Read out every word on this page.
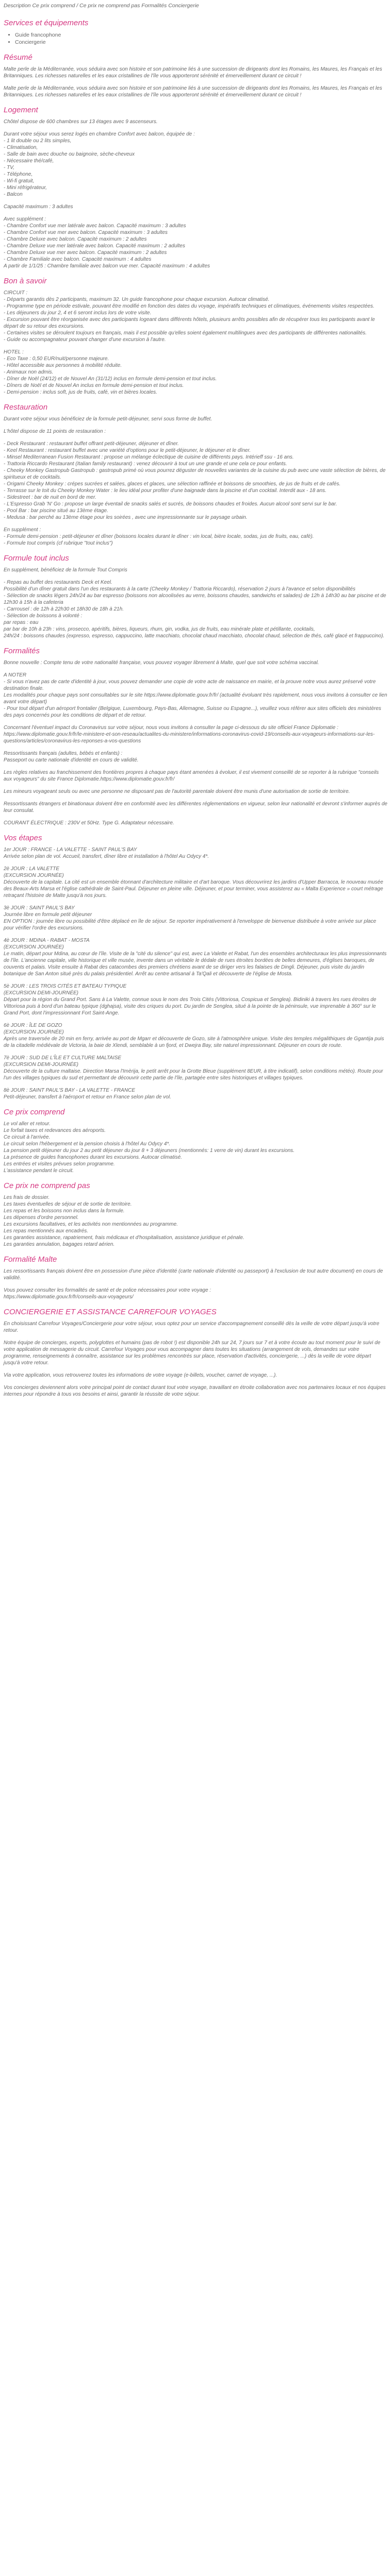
Description Ce prix comprend / Ce prix ne comprend pas Formalités Conciergerie
Services et équipements
• Guide francophone
• Conciergerie
Résumé

Malte perle de la Méditerranée, vous séduira avec son histoire et son patrimoine liés à une succession de dirigeants dont les Romains, les Maures, les Français et les Britanniques. Les richesses naturelles et les eaux cristallines de l'île vous apporteront sérénité et émerveillement durant ce circuit !

Malte perle de la Méditerranée, vous séduira avec son histoire et son patrimoine liés à une succession de dirigeants dont les Romains, les Maures, les Français et les Britanniques. Les richesses naturelles et les eaux cristallines de l'île vous apporteront sérénité et émerveillement durant ce circuit !

Logement

Chôtel dispose de 600 chambres sur 13 étages avec 9 ascenseurs.

Durant votre séjour vous serez logés en chambre Confort avec balcon, équipée de :
- 1 lit double ou 2 lits simples,
- Climatisation,
- Salle de bain avec douche ou baignoire, sèche-cheveux
- Nécessaire thé/café,
- TV,
- Téléphone,
- Wi-fi gratuit,
- Mini réfrigérateur,
- Balcon

Capacité maximum : 3 adultes

Avec supplément :
- Chambre Confort vue mer latérale avec balcon. Capacité maximum : 3 adultes
- Chambre Confort vue mer avec balcon. Capacité maximum : 3 adultes
- Chambre Deluxe avec balcon. Capacité maximum : 2 adultes
- Chambre Deluxe vue mer latérale avec balcon. Capacité maximum : 2 adultes
- Chambre Deluxe vue mer avec balcon. Capacité maximum : 2 adultes
- Chambre Familiale avec balcon. Capacité maximum : 4 adultes
A partir de 1/1/25 : Chambre familiale avec balcon vue mer. Capacité maximum : 4 adultes

Bon à savoir

CIRCUIT :
- Départs garantis dès 2 participants, maximum 32. Un guide francophone pour chaque excursion. Autocar climatisé.
- Programme type en période estivale, pouvant être modifié en fonction des dates du voyage, impératifs techniques et climatiques, événements visites respectées.
- Les déjeuners du jour 2, 4 et 6 seront inclus lors de votre visite.
- Excursion pouvant être réorganisée avec des participants logeant dans différents hôtels, plusieurs arrêts possibles afin de récupérer tous les participants avant le départ de su retour des excursions.
- Certaines visites se déroulent toujours en français, mais il est possible qu'elles soient également multilingues avec des participants de différentes nationalités.
- Guide ou accompagnateur pouvant changer d'une excursion à l'autre.

HOTEL :
- Eco Taxe : 0,50 EUR/nuit/personne majeure.
- Hôtel accessible aux personnes à mobilité réduite.
- Animaux non admis.
- Dîner de Noël (24/12) et de Nouvel An (31/12) inclus en formule demi-pension et tout inclus.
- Dîners de Noël et de Nouvel An inclus en formule demi-pension et tout inclus.
- Demi-pension : inclus soft, jus de fruits, café, vin et bières locales.

Restauration

Durant votre séjour vous bénéficiez de la formule petit-déjeuner, servi sous forme de buffet.

L'hôtel dispose de 11 points de restauration :

- Deck Restaurant : restaurant buffet offrant petit-déjeuner, déjeuner et dîner.
- Keel Restaurant : restaurant buffet avec une variété d'options pour le petit-déjeuner, le déjeuner et le dîner.
- Minsel Mediterranean Fusion Restaurant : propose un mélange éclectique de cuisine de différents pays. Intérieff ssu - 16 ans.
- Trattoria Riccardo Restaurant (Italian family restaurant) : venez découvrir à tout un une grande et une cela ce pour enfants.
- Cheeky Monkey Gastropub Gastropub : gastropub primé où vous pourrez déguster de nouvelles variantes de la cuisine du pub avec une vaste sélection de bières, de spiritueux et de cocktails.
- Origami Cheeky Monkey : crépes sucrées et salées, glaces et glaces, une sélection raffinée et boissons de smoothies, de jus de fruits et de cafés.
- Terrasse sur le toit du Cheeky Monkey Water : le lieu idéal pour profiter d'une baignade dans la piscine et d'un cocktail. Interdit aux - 18 ans.
- Sidestreet : bar de nuit en bord de mer.
- L'Espresso Grab 'N' Go : propose un large éventail de snacks salés et sucrés, de boissons chaudes et froides. Aucun alcool sont servi sur le bar.
- Pool Bar : bar piscine situé au 13ème étage.
- Medusa : bar perché au 13ème étage pour les soirées , avec une impressionnante sur le paysage urbain.

En supplément :
- Formule demi-pension : petit-déjeuner et dîner (boissons locales durant le dîner : vin local, bière locale, sodas, jus de fruits, eau, café).
- Formule tout compris (cf rubrique "tout inclus")

Formule tout inclus

En supplément, bénéficiez de la formule Tout Compris

- Repas au buffet des restaurants Deck et Keel.
Possibilité d'un dîner gratuit dans l'un des restaurants à la carte (Cheeky Monkey / Trattoria Riccardo), réservation 2 jours à l'avance et selon disponibilités
- Sélection de snacks légers 24h/24 au bar espresso (boissons non alcoolisées au verre, boissons chaudes, sandwichs et salades) de 12h à 14h30 au bar piscine et de 12h30 à 15h à la cafeteria
- Carrousel : de 12h à 22h30 et 18h30 de 18h à 21h.
- Sélection de boissons à volonté :
par repas : eau
par bar de 10h à 23h : vins, prosecco, apéritifs, bières, liqueurs, rhum, gin, vodka, jus de fruits, eau minérale plate et pétillante, cocktails,
24h/24 : boissons chaudes (expresso, espresso, cappuccino, latte macchiato, chocolat chaud macchiato, chocolat chaud, sélection de thés, café glacé et frappuccino).

Formalités

Bonne nouvelle : Compte tenu de votre nationalité française, vous pouvez voyager librement à Malte, quel que soit votre schéma vaccinal.

A NOTER
- Si vous n'avez pas de carte d'identité à jour, vous pouvez demander une copie de votre acte de naissance en mairie, et la prouve notre vous aurez préservé votre destination finale.
Les modalités pour chaque pays sont consultables sur le site https://www.diplomatie.gouv.fr/fr/ (actualité évoluant très rapidement, nous vous invitons à consulter ce lien avant votre départ)
- Pour tout départ d'un aéroport frontalier (Belgique, Luxembourg, Pays-Bas, Allemagne, Suisse ou Espagne...), veuillez vous référer aux sites officiels des ministères des pays concernés pour les conditions de départ et de retour.

Concernant l'éventuel impact du Coronavirus sur votre séjour, nous vous invitons à consulter la page ci-dessous du site officiel France Diplomatie :
https://www.diplomatie.gouv.fr/fr/le-ministere-et-son-reseau/actualites-du-ministere/informations-coronavirus-covid-19/conseils-aux-voyageurs-informations-sur-les-questions/articles/coronavirus-les-reponses-a-vos-questions

Ressortissants français (adultes, bébés et enfants) :
Passeport ou carte nationale d'identité en cours de validité.

Les règles relatives au franchissement des frontières propres à chaque pays étant amenées à évoluer, il est vivement conseillé de se reporter à la rubrique "conseils aux voyageurs" du site France Diplomatie.https://www.diplomatie.gouv.fr/fr/

Les mineurs voyageant seuls ou avec une personne ne disposant pas de l'autorité parentale doivent être munis d'une autorisation de sortie de territoire.

Ressortissants étrangers et binationaux doivent être en conformité avec les différentes réglementations en vigueur, selon leur nationalité et devront s'informer auprès de leur consulat.

COURANT ÉLECTRIQUE : 230V et 50Hz. Type G. Adaptateur nécessaire.

Vos étapes

1er JOUR : FRANCE - LA VALETTE - SAINT PAUL'S BAY
Arrivée selon plan de vol. Accueil, transfert, dîner libre et installation à l'hôtel Au Odycy 4*.

2è JOUR : LA VALETTE
(EXCURSION JOURNÉE)
Découverte de la capitale. La cité est un ensemble étonnant d'architecture militaire et d'art baroque. Vous découvrirez les jardins d'Upper Barracca, le nouveau musée des Beaux-Arts Marsa et l'église cathédrale de Saint-Paul. Déjeuner en pleine ville. Déjeuner, et pour terminer, vous assisterez au « Malta Experience » court métrage retraçant l'histoire de Malte jusqu'à nos jours.

3è JOUR : SAINT PAUL'S BAY
Journée libre en formule petit déjeuner
EN OPTION : journée libre ou possibilité d'être déplacé en île de séjour. Se reporter impérativement à l'enveloppe de bienvenue distribuée à votre arrivée sur place pour vérifier l'ordre des excursions.

4è JOUR : MDINA - RABAT - MOSTA
(EXCURSION JOURNÉE)
Le matin, départ pour Mdina, au cœur de l'île. Visite de la "cité du silence" qui est, avec La Valette et Rabat, l'un des ensembles architecturaux les plus impressionnants de l'île. L'ancienne capitale, ville historique et ville musée, invente dans un véritable le dédale de rues étroites bordées de belles demeures, d'églises baroques, de couvents et palais. Visite ensuite à Rabat des catacombes des premiers chrétiens avant de se diriger vers les falaises de Dingli. Déjeuner, puis visite du jardin botanique de San Anton situé près du palais présidentiel. Arrêt au centre artisanal à Ta'Qali et découverte de l'église de Mosta.

5è JOUR : LES TROIS CITÉS ET BATEAU TYPIQUE
(EXCURSION DEMI-JOURNÉE)
Départ pour la région du Grand Port. Sans à La Valette, connue sous le nom des Trois Cités (Vittoriosa, Cospicua et Senglea). Bidiniki à travers les rues étroites de Vittoriosa puis à bord d'un bateau typique (dghajsa), visite des criques du port. Du jardin de Senglea, situé à la pointe de la péninsule, vue imprenable à 360° sur le Grand Port, dont l'impressionnant Fort Saint-Ange.

6è JOUR : ÎLE DE GOZO
(EXCURSION JOURNÉE)
Après une traversée de 20 min en ferry, arrivée au port de Mgarr et découverte de Gozo, site à l'atmosphère unique. Visite des temples mégalithiques de Ggantija puis de la citadelle médiévale de Victoria, la baie de Xlendi, semblable à un fjord, et Dwejra Bay, site naturel impressionnant. Déjeuner en cours de route.

7è JOUR : SUD DE L'ÎLE ET CULTURE MALTAISE
(EXCURSION DEMI-JOURNÉE)
Découverte de la culture maltaise. Direction Marsa l'Imèrija, le petit arrêt pour la Grotte Bleue (supplément 8EUR, à titre indicatif), selon conditions météo). Route pour l'un des villages typiques du sud et permettant de découvrir cette partie de l'île, partagée entre sites historiques et villages typiques.

8è JOUR : SAINT PAUL'S BAY - LA VALETTE - FRANCE
Petit-déjeuner, transfert à l'aéroport et retour en France selon plan de vol.

Ce prix comprend

Le vol aller et retour.
Le forfait taxes et redevances des aéroports.
Ce circuit à l'arrivée.
Le circuit selon l'hébergement et la pension choisis à l'hôtel Au Odycy 4*.
La pension petit déjeuner du jour 2 au petit déjeuner du jour 8 + 3 déjeuners (mentionnés: 1 verre de vin) durant les excursions.
La présence de guides francophones durant les excursions. Autocar climatisé.
Les entrées et visites prévues selon programme.
L'assistance pendant le circuit.

Ce prix ne comprend pas

Les frais de dossier.
Les taxes éventuelles de séjour et de sortie de territoire.
Les repas et les boissons non inclus dans la formule.
Les dépenses d'ordre personnel.
Les excursions facultatives, et les activités non mentionnées au programme.
Les repas mentionnés aux encadrés.
Les garanties assistance, rapatriement, frais médicaux et d'hospitalisation, assistance juridique et pénale.
Les garanties annulation, bagages retard aérien.

Formalité Malte

Les ressortissants français doivent être en possession d'une pièce d'identité (carte nationale d'identité ou passeport) à l'exclusion de tout autre document) en cours de validité.

Vous pouvez consulter les formalités de santé et de police nécessaires pour votre voyage :
https://www.diplomatie.gouv.fr/fr/conseils-aux-voyageurs/

CONCIERGERIE ET ASSISTANCE CARREFOUR VOYAGES

En choisissant Carrefour Voyages/Conciergerie pour votre séjour, vous optez pour un service d'accompagnement conseillé dès la veille de votre départ jusqu'à votre retour.

Notre équipe de concierges, experts, polyglottes et humains (pas de robot !) est disponible 24h sur 24, 7 jours sur 7 et à votre écoute au tout moment pour le suivi de votre application de messagerie du circuit. Carrefour Voyages pour vous accompagner dans toutes les situations (arrangement de vols, demandes sur votre programme, renseignements à connaître, assistance sur les problèmes rencontrés sur place, réservation d'activités, conciergerie, ...) dès la veille de votre départ jusqu'à votre retour.

Via votre application, vous retrouverez toutes les informations de votre voyage (e-billets, voucher, carnet de voyage, ...).

Vos concierges deviennent alors votre principal point de contact durant tout votre voyage, travaillant en étroite collaboration avec nos partenaires locaux et nos équipes internes pour répondre à tous vos besoins et ainsi, garantir la réussite de votre séjour.
